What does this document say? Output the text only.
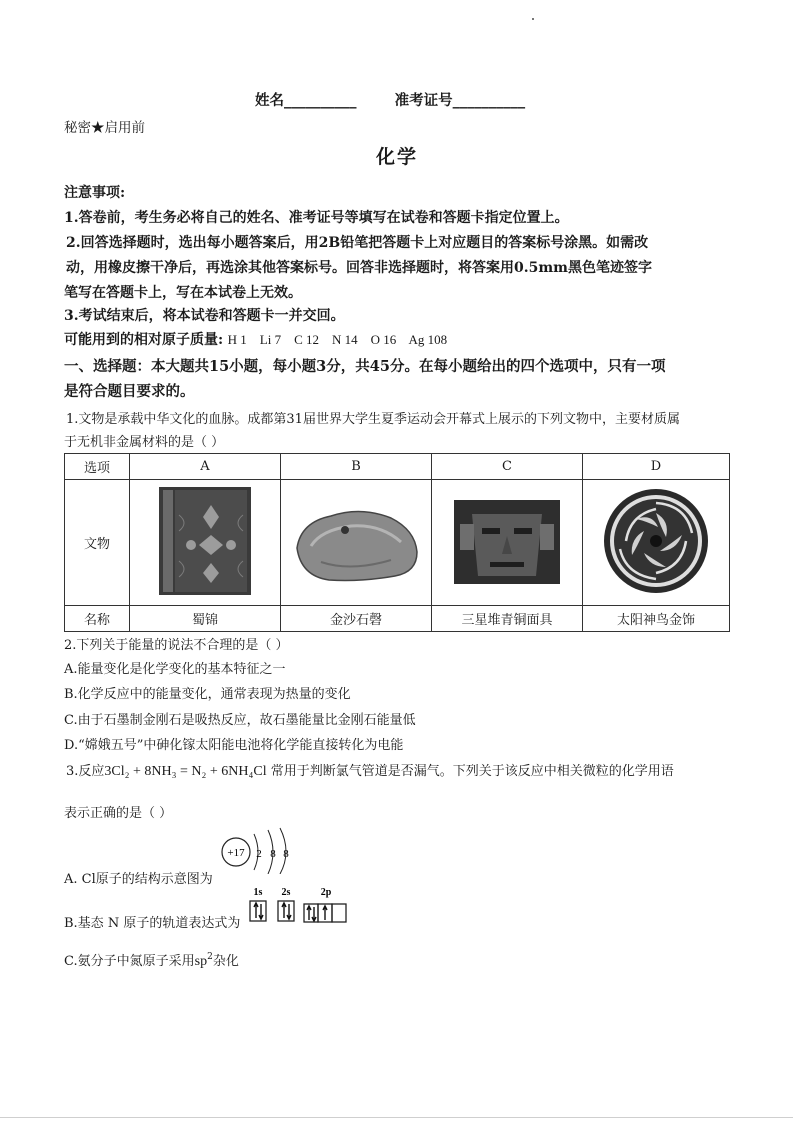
姓名__________	准考证号__________
秘密★启用前
化学
注意事项:
1.答卷前，考生务必将自己的姓名、准考证号等填写在试卷和答题卡指定位置上。
2.回答选择题时，选出每小题答案后，用2B铅笔把答题卡上对应题目的答案标号涂黑。如需改
动，用橡皮擦干净后，再选涂其他答案标号。回答非选择题时，将答案用0.5mm黑色笔迹签字
笔写在答题卡上，写在本试卷上无效。
3.考试结束后，将本试卷和答题卡一并交回。
可能用到的相对原子质量: H 1    Li 7    C 12    N 14    O 16    Ag 108
一、选择题：本大题共15小题，每小题3分，共45分。在每小题给出的四个选项中，只有一项
是符合题目要求的。
1.文物是承载中华文化的血脉。成都第31届世界大学生夏季运动会开幕式上展示的下列文物中，主要材质属
于无机非金属材料的是（ ）
选项	A	B	C	D
文物				
名称	蜀锦	金沙石磬	三星堆青铜面具	太阳神鸟金饰
2.下列关于能量的说法不合理的是（ ）
A.能量变化是化学变化的基本特征之一
B.化学反应中的能量变化，通常表现为热量的变化
C.由于石墨制金刚石是吸热反应，故石墨能量比金刚石能量低
D.“嫦娥五号”中砷化镓太阳能电池将化学能直接转化为电能
3.反应3Cl₂ + 8NH₃ = N₂ + 6NH₄Cl 常用于判断氯气管道是否漏气。下列关于该反应中相关微粒的化学用语
表示正确的是（ ）
+17 2 8 8
A. Cl原子的结构示意图为
1s 2s	2p
B.基态 N 原子的轨道表达式为
C.氨分子中氮原子采用$sp^2$杂化
